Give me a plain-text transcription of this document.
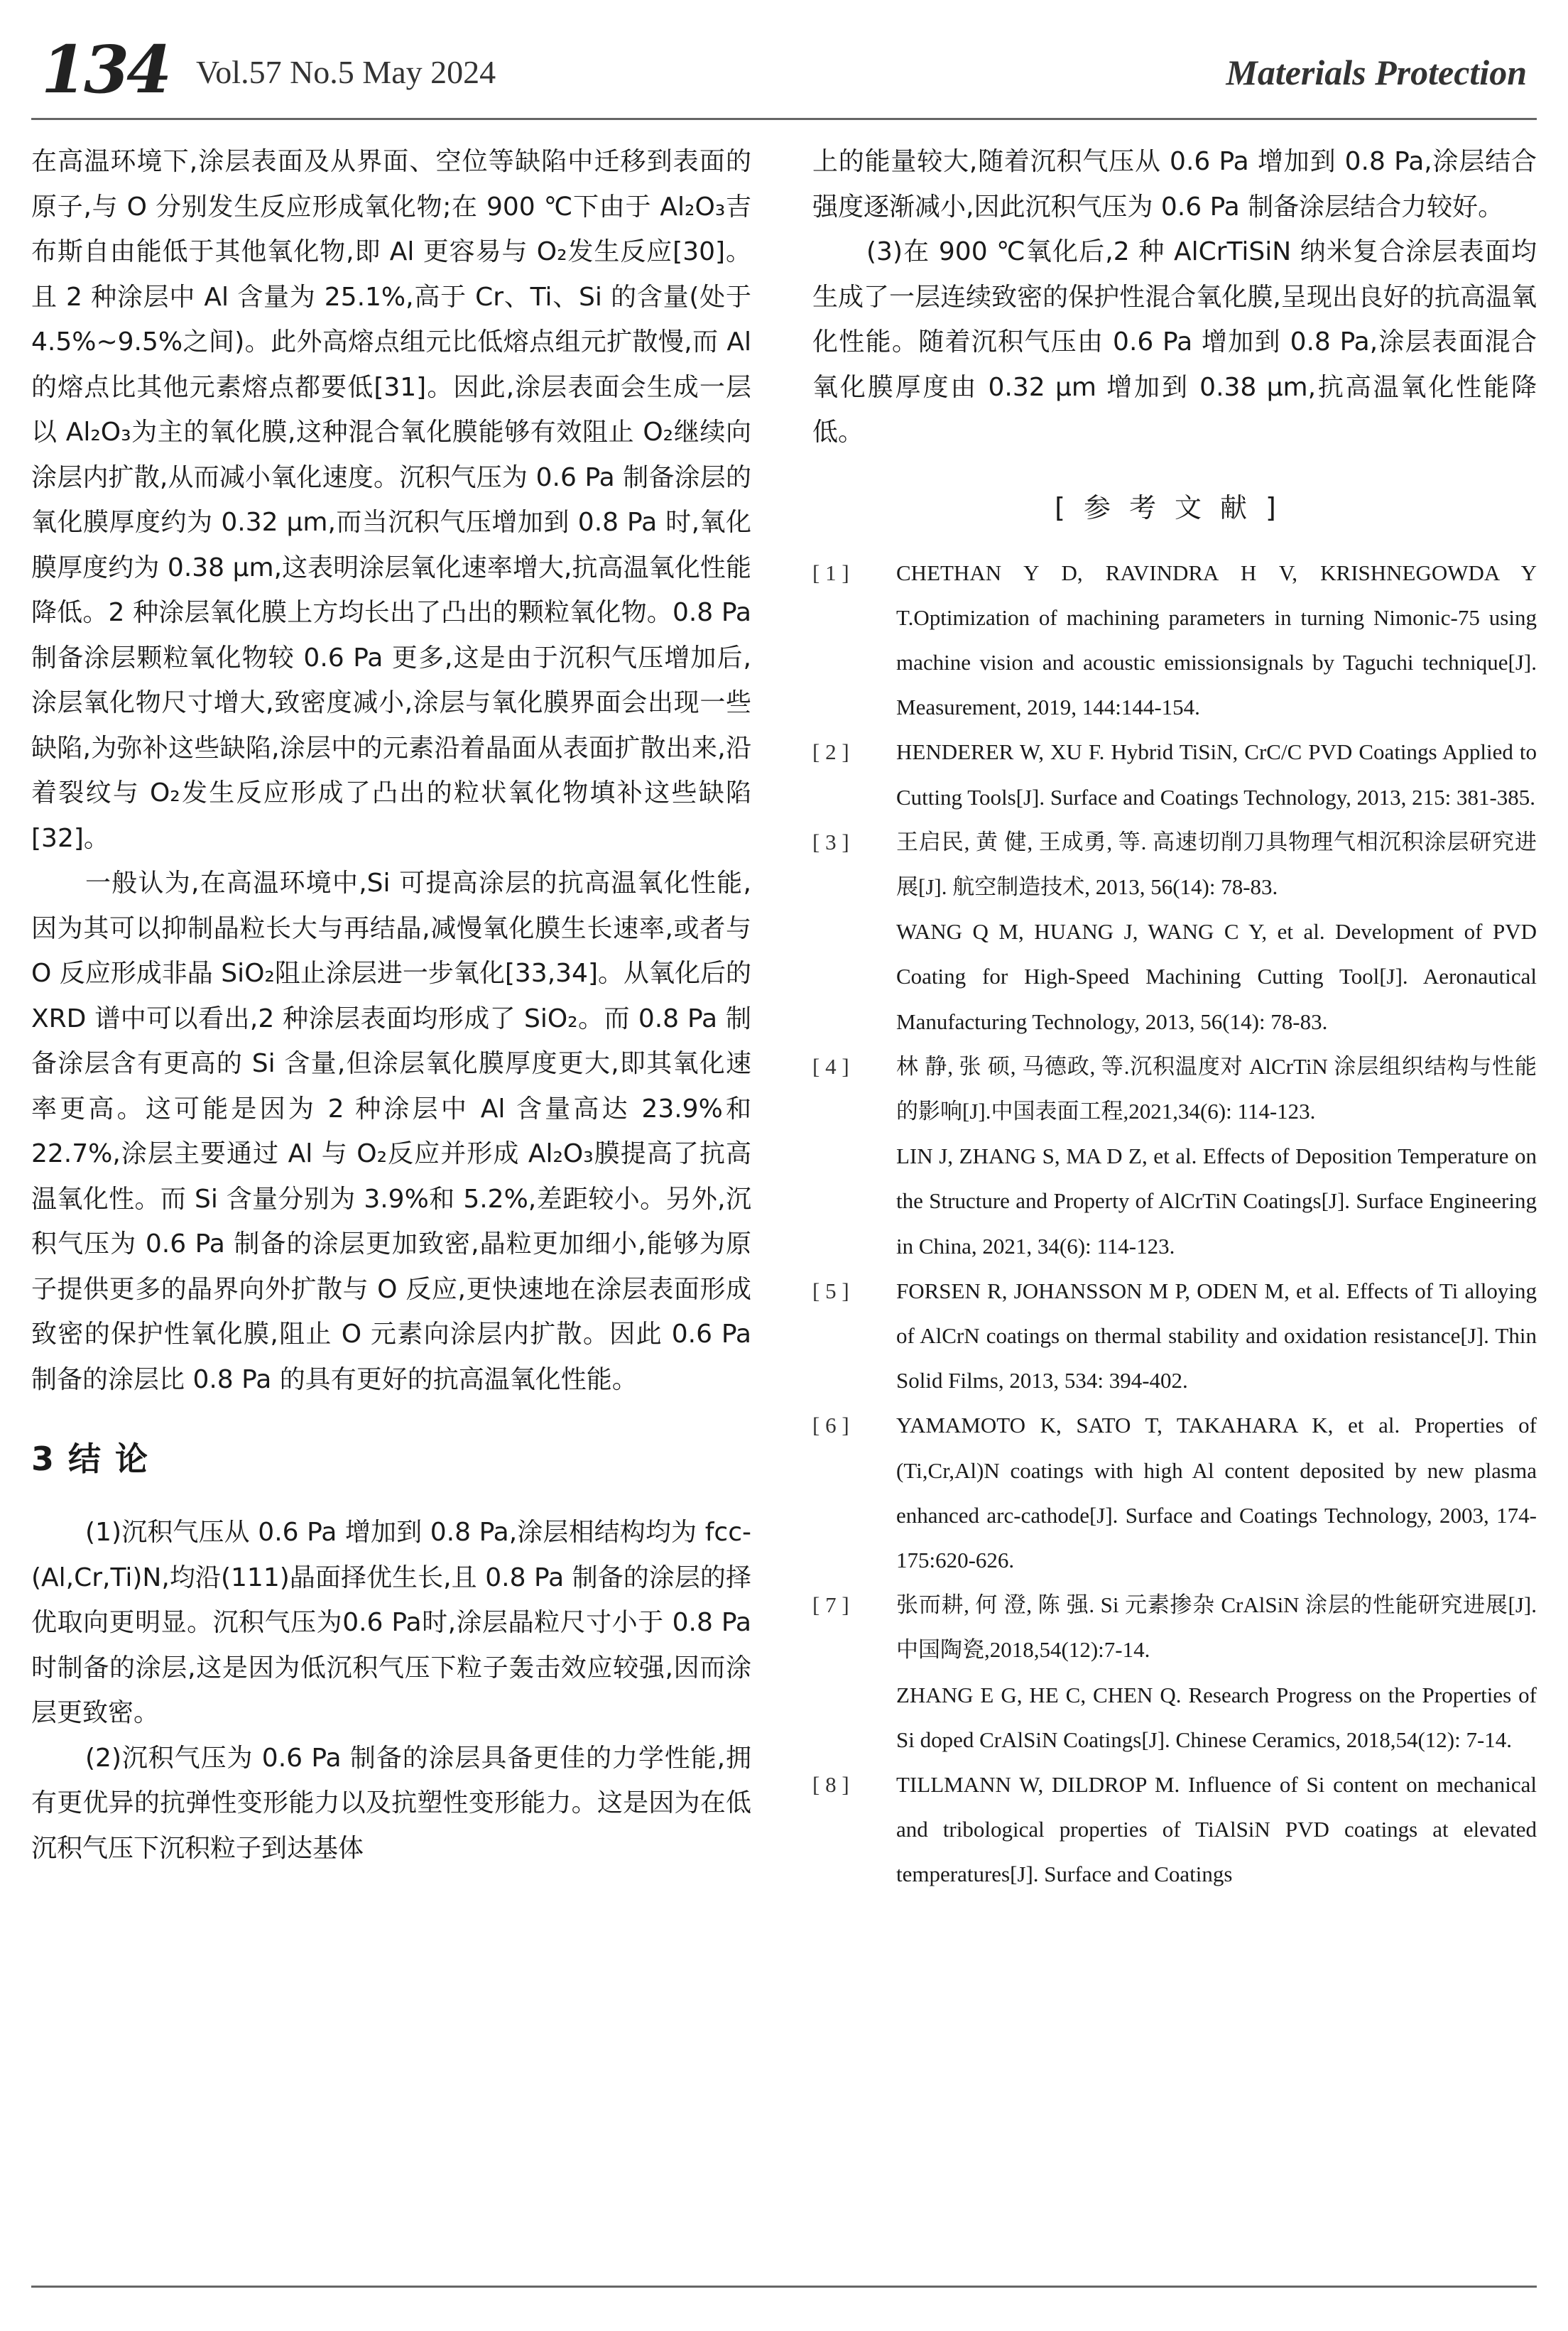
134 Vol.57 No.5 May 2024	Materials Protection

在高温环境下,涂层表面及从界面、空位等缺陷中迁移到表面的原子,与 O 分别发生反应形成氧化物;在 900 ℃下由于 Al₂O₃吉布斯自由能低于其他氧化物,即 Al 更容易与 O₂发生反应[30]。且 2 种涂层中 Al 含量为 25.1%,高于 Cr、Ti、Si 的含量(处于 4.5%~9.5%之间)。此外高熔点组元比低熔点组元扩散慢,而 Al 的熔点比其他元素熔点都要低[31]。因此,涂层表面会生成一层以 Al₂O₃为主的氧化膜,这种混合氧化膜能够有效阻止 O₂继续向涂层内扩散,从而减小氧化速度。沉积气压为 0.6 Pa 制备涂层的氧化膜厚度约为 0.32 μm,而当沉积气压增加到 0.8 Pa 时,氧化膜厚度约为 0.38 μm,这表明涂层氧化速率增大,抗高温氧化性能降低。2 种涂层氧化膜上方均长出了凸出的颗粒氧化物。0.8 Pa 制备涂层颗粒氧化物较 0.6 Pa 更多,这是由于沉积气压增加后,涂层氧化物尺寸增大,致密度减小,涂层与氧化膜界面会出现一些缺陷,为弥补这些缺陷,涂层中的元素沿着晶面从表面扩散出来,沿着裂纹与 O₂发生反应形成了凸出的粒状氧化物填补这些缺陷[32]。

一般认为,在高温环境中,Si 可提高涂层的抗高温氧化性能,因为其可以抑制晶粒长大与再结晶,减慢氧化膜生长速率,或者与 O 反应形成非晶 SiO₂阻止涂层进一步氧化[33,34]。从氧化后的 XRD 谱中可以看出,2 种涂层表面均形成了 SiO₂。而 0.8 Pa 制备涂层含有更高的 Si 含量,但涂层氧化膜厚度更大,即其氧化速率更高。这可能是因为 2 种涂层中 Al 含量高达 23.9%和 22.7%,涂层主要通过 Al 与 O₂反应并形成 Al₂O₃膜提高了抗高温氧化性。而 Si 含量分别为 3.9%和 5.2%,差距较小。另外,沉积气压为 0.6 Pa 制备的涂层更加致密,晶粒更加细小,能够为原子提供更多的晶界向外扩散与 O 反应,更快速地在涂层表面形成致密的保护性氧化膜,阻止 O 元素向涂层内扩散。因此 0.6 Pa 制备的涂层比 0.8 Pa 的具有更好的抗高温氧化性能。

3 结 论

(1)沉积气压从 0.6 Pa 增加到 0.8 Pa,涂层相结构均为 fcc-(Al,Cr,Ti)N,均沿(111)晶面择优生长,且 0.8 Pa 制备的涂层的择优取向更明显。沉积气压为0.6 Pa时,涂层晶粒尺寸小于 0.8 Pa 时制备的涂层,这是因为低沉积气压下粒子轰击效应较强,因而涂层更致密。

(2)沉积气压为 0.6 Pa 制备的涂层具备更佳的力学性能,拥有更优异的抗弹性变形能力以及抗塑性变形能力。这是因为在低沉积气压下沉积粒子到达基体

上的能量较大,随着沉积气压从 0.6 Pa 增加到 0.8 Pa,涂层结合强度逐渐减小,因此沉积气压为 0.6 Pa 制备涂层结合力较好。

(3)在 900 ℃氧化后,2 种 AlCrTiSiN 纳米复合涂层表面均生成了一层连续致密的保护性混合氧化膜,呈现出良好的抗高温氧化性能。随着沉积气压由 0.6 Pa 增加到 0.8 Pa,涂层表面混合氧化膜厚度由 0.32 μm 增加到 0.38 μm,抗高温氧化性能降低。

[参考文献]
[ 1 ]	CHETHAN Y D, RAVINDRA H V, KRISHNEGOWDA Y T.Optimization of machining parameters in turning Nimonic-75 using machine vision and acoustic emissionsignals by Taguchi technique[J]. Measurement, 2019, 144:144-154.
[ 2 ]	HENDERER W, XU F. Hybrid TiSiN, CrC/C PVD Coatings Applied to Cutting Tools[J]. Surface and Coatings Technology, 2013, 215: 381-385.
[ 3 ]	王启民, 黄 健, 王成勇, 等. 高速切削刀具物理气相沉积涂层研究进展[J]. 航空制造技术, 2013, 56(14): 78-83.
WANG Q M, HUANG J, WANG C Y, et al. Development of PVD Coating for High-Speed Machining Cutting Tool[J]. Aeronautical Manufacturing Technology, 2013, 56(14): 78-83.
[ 4 ]	林 静, 张 硕, 马德政, 等.沉积温度对 AlCrTiN 涂层组织结构与性能的影响[J].中国表面工程,2021,34(6): 114-123.
LIN J, ZHANG S, MA D Z, et al. Effects of Deposition Temperature on the Structure and Property of AlCrTiN Coatings[J]. Surface Engineering in China, 2021, 34(6): 114-123.
[ 5 ]	FORSEN R, JOHANSSON M P, ODEN M, et al. Effects of Ti alloying of AlCrN coatings on thermal stability and oxidation resistance[J]. Thin Solid Films, 2013, 534: 394-402.
[ 6 ]	YAMAMOTO K, SATO T, TAKAHARA K, et al. Properties of (Ti,Cr,Al)N coatings with high Al content deposited by new plasma enhanced arc-cathode[J]. Surface and Coatings Technology, 2003, 174-175:620-626.
[ 7 ]	张而耕, 何 澄, 陈 强. Si 元素掺杂 CrAlSiN 涂层的性能研究进展[J].中国陶瓷,2018,54(12):7-14.
ZHANG E G, HE C, CHEN Q. Research Progress on the Properties of Si doped CrAlSiN Coatings[J]. Chinese Ceramics, 2018,54(12): 7-14.
[ 8 ]	TILLMANN W, DILDROP M. Influence of Si content on mechanical and tribological properties of TiAlSiN PVD coatings at elevated temperatures[J]. Surface and Coatings
